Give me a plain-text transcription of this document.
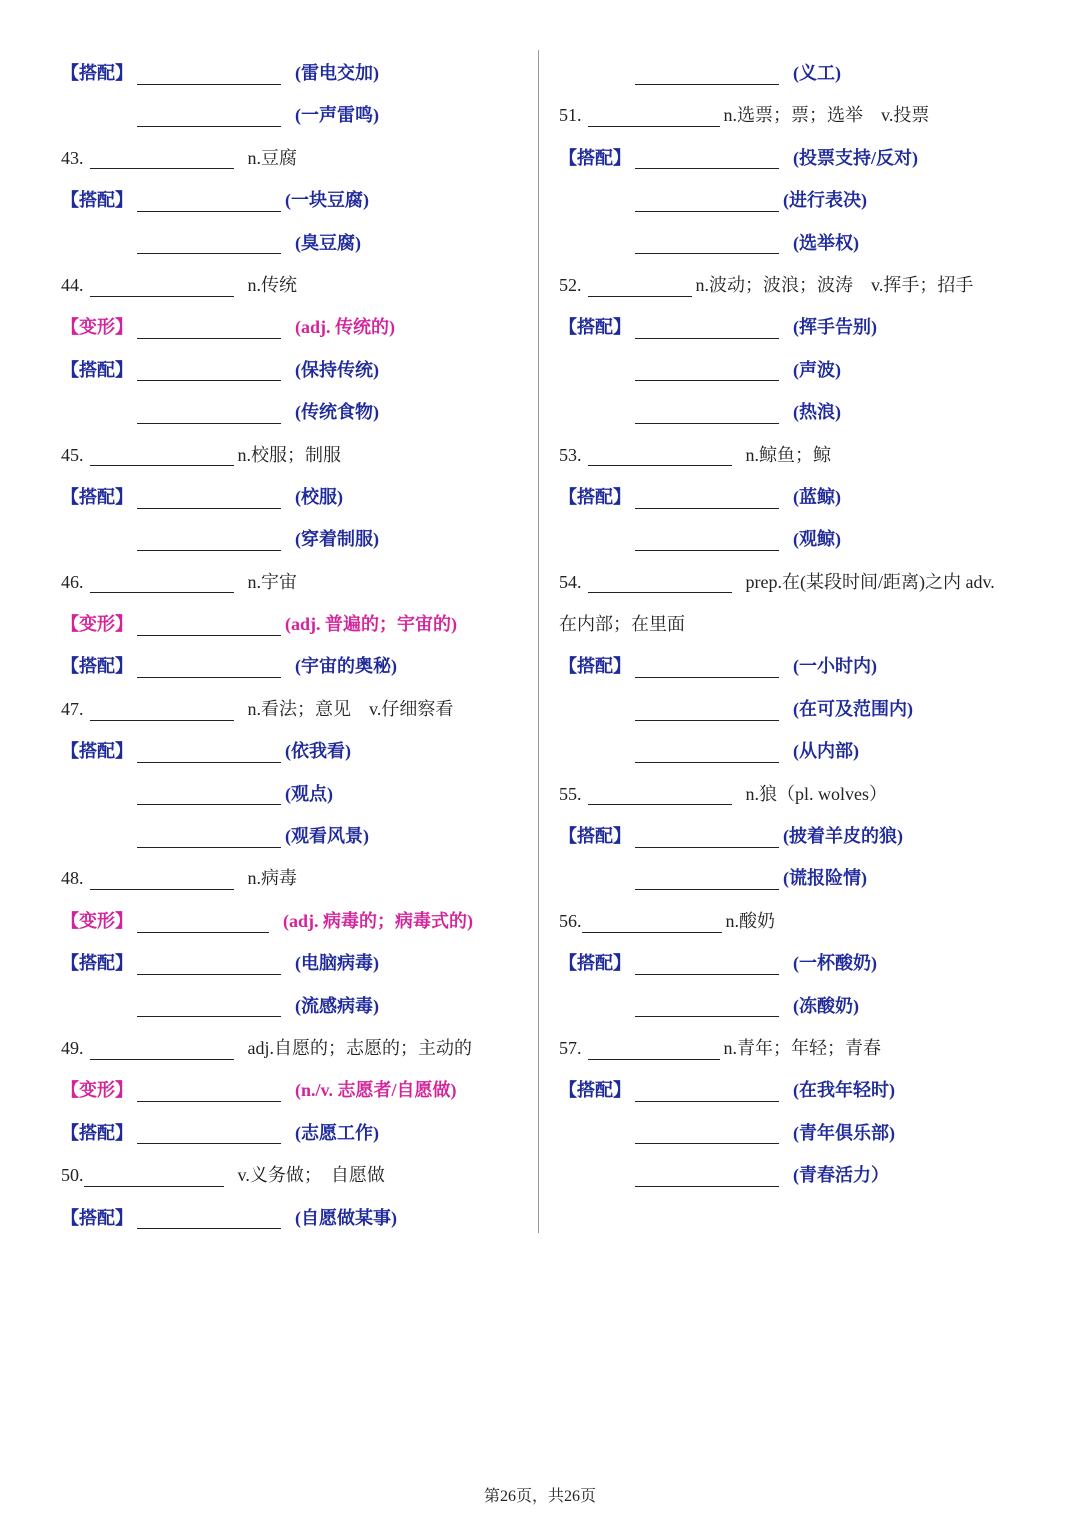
【搭配】	(雷电交加)
(一声雷鸣)
43.	n.豆腐
【搭配】	(一块豆腐)
(臭豆腐)
44.	n.传统
【变形】	(adj. 传统的)
【搭配】	(保持传统)
(传统食物)
45.	n.校服；制服
【搭配】	(校服)
(穿着制服)
46.	n.宇宙
【变形】	(adj. 普遍的；宇宙的)
【搭配】	(宇宙的奥秘)
47.	n.看法；意见　v.仔细察看
【搭配】	(依我看)
(观点)
(观看风景)
48.	n.病毒
【变形】	(adj. 病毒的；病毒式的)
【搭配】	(电脑病毒)
(流感病毒)
49.	adj.自愿的；志愿的；主动的
【变形】	(n./v. 志愿者/自愿做)
【搭配】	(志愿工作)
50.	v.义务做；　自愿做
【搭配】	(自愿做某事)
(义工)
51.	n.选票；票；选举　v.投票
【搭配】	(投票支持/反对)
(进行表决)
(选举权)
52.	n.波动；波浪；波涛　v.挥手；招手
【搭配】	(挥手告别)
(声波)
(热浪)
53.	n.鲸鱼；鲸
【搭配】	(蓝鲸)
(观鲸)
54.	prep.在(某段时间/距离)之内 adv.
在内部；在里面
【搭配】	(一小时内)
(在可及范围内)
(从内部)
55.	n.狼（pl. wolves）
【搭配】	(披着羊皮的狼)
(谎报险情)
56.	n.酸奶
【搭配】	(一杯酸奶)
(冻酸奶)
57.	n.青年；年轻；青春
【搭配】	(在我年轻时)
(青年俱乐部)
(青春活力）
第26页，共26页
